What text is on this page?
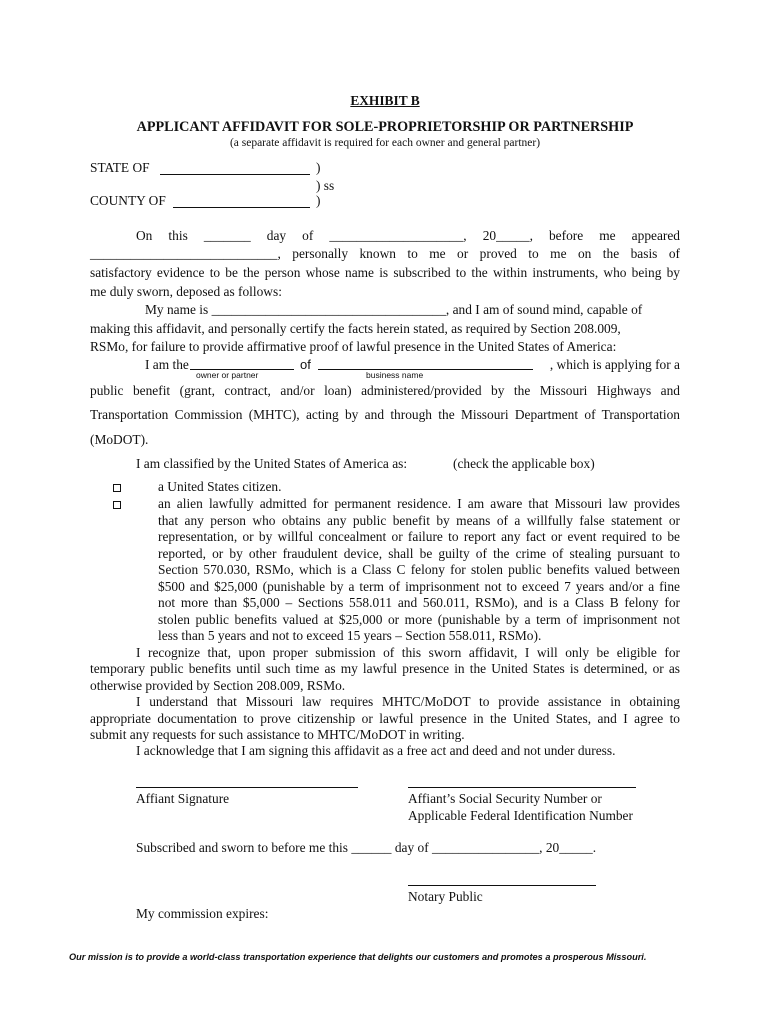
EXHIBIT B
APPLICANT AFFIDAVIT FOR SOLE-PROPRIETORSHIP OR PARTNERSHIP
(a separate affidavit is required for each owner and general partner)
STATE OF	)
) ss
COUNTY OF	)
On this _______ day of ____________________, 20_____, before me appeared
____________________________, personally known to me or proved to me on the basis of
satisfactory evidence to be the person whose name is subscribed to the within instruments, who being by
me duly sworn, deposed as follows:
My name is ___________________________________, and I am of sound mind, capable of
making this affidavit, and personally certify the facts herein stated, as required by Section 208.009,
RSMo, for failure to provide affirmative proof of lawful presence in the United States of America:
I am the	of	, which is applying for a
owner or partner	business name
public benefit (grant, contract, and/or loan) administered/provided by the Missouri Highways and
Transportation Commission (MHTC), acting by and through the Missouri Department of Transportation
(MoDOT).
I am classified by the United States of America as:	(check the applicable box)
a United States citizen.
an alien lawfully admitted for permanent residence. I am aware that Missouri law provides
that any person who obtains any public benefit by means of a willfully false statement or
representation, or by willful concealment or failure to report any fact or event required to be
reported, or by other fraudulent device, shall be guilty of the crime of stealing pursuant to
Section 570.030, RSMo, which is a Class C felony for stolen public benefits valued between
$500 and $25,000 (punishable by a term of imprisonment not to exceed 7 years and/or a fine
not more than $5,000 – Sections 558.011 and 560.011, RSMo), and is a Class B felony for
stolen public benefits valued at $25,000 or more (punishable by a term of imprisonment not
less than 5 years and not to exceed 15 years – Section 558.011, RSMo).
I recognize that, upon proper submission of this sworn affidavit, I will only be eligible for
temporary public benefits until such time as my lawful presence in the United States is determined, or as
otherwise provided by Section 208.009, RSMo.
I understand that Missouri law requires MHTC/MoDOT to provide assistance in obtaining
appropriate documentation to prove citizenship or lawful presence in the United States, and I agree to
submit any requests for such assistance to MHTC/MoDOT in writing.
I acknowledge that I am signing this affidavit as a free act and deed and not under duress.
Affiant Signature	Affiant’s Social Security Number or
Applicable Federal Identification Number
Subscribed and sworn to before me this ______ day of ________________, 20_____.
Notary Public
My commission expires:
Our mission is to provide a world-class transportation experience that delights our customers and promotes a prosperous Missouri.
